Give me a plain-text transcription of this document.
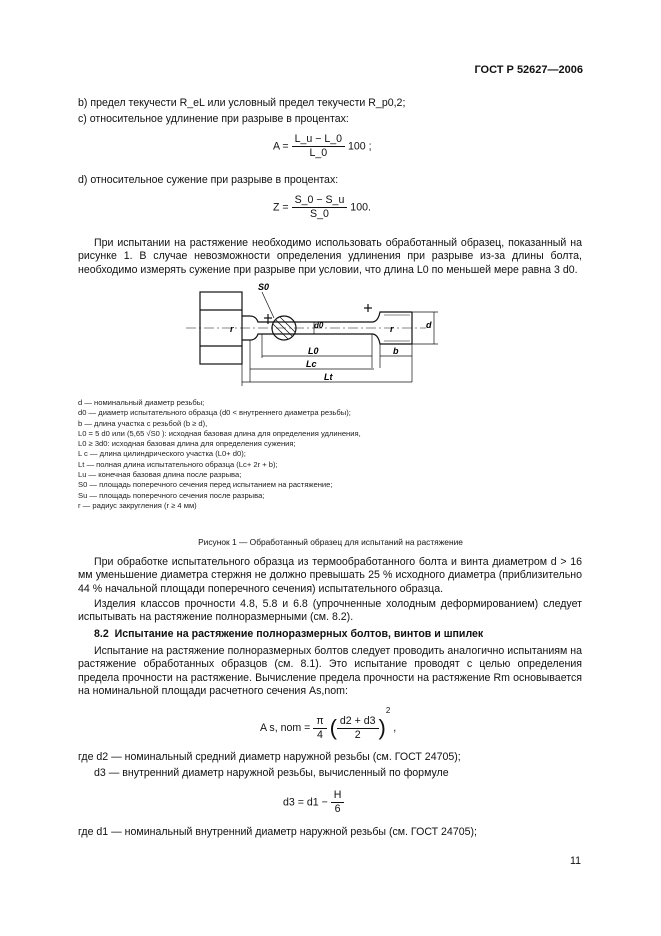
ГОСТ Р 52627—2006
b) предел текучести R_eL или условный предел текучести R_p0,2;
c) относительное удлинение при разрыве в процентах:
$A = \frac{L\_u - L\_0}{L\_0} 100$ ;
d) относительное сужение при разрыве в процентах:
$Z = \frac{S\_0 - S\_u}{S\_0} 100$.
При испытании на растяжение необходимо использовать обработанный образец, показанный на рисунке 1. В случае невозможности определения удлинения при разрыве из-за длины болта, необходимо измерять сужение при разрыве при условии, что длина L0 по меньшей мере равна 3 d0.
S0
r	d0	r	d
L0
Lc
Lt
b
d — номинальный диаметр резьбы;
d0 — диаметр испытательного образца (d0 < внутреннего диаметра резьбы);
b — длина участка с резьбой (b ≥ d),
L0 = 5 d0 или (5,65 √S0 ): исходная базовая длина для определения удлинения,
L0 ≥ 3d0: исходная базовая длина для определения сужения;
L c — длина цилиндрического участка (L0+ d0);
Lt — полная длина испытательного образца (Lc+ 2r + b);
Lu — конечная базовая длина после разрыва;
S0 — площадь поперечного сечения перед испытанием на растяжение;
Su — площадь поперечного сечения после разрыва;
r — радиус закругления (r ≥ 4 мм)
Рисунок 1 — Обработанный образец для испытаний на растяжение
При обработке испытательного образца из термообработанного болта и винта диаметром d > 16 мм уменьшение диаметра стержня не должно превышать 25 % исходного диаметра (приблизительно 44 % начальной площади поперечного сечения) испытательного образца.
Изделия классов прочности 4.8, 5.8 и 6.8 (упрочненные холодным деформированием) следует испытывать на растяжение полноразмерными (см. 8.2).
8.2 Испытание на растяжение полноразмерных болтов, винтов и шпилек
Испытание на растяжение полноразмерных болтов следует проводить аналогично испытаниям на растяжение обработанных образцов (см. 8.1). Это испытание проводят с целью определения предела прочности на растяжение. Вычисление предела прочности на растяжение Rm основывается на номинальной площади расчетного сечения As,nom:
A s, nom = $\frac{\pi}{4}$ ( $\frac{d2 + d3}{2} )^2$ ,
где d2 — номинальный средний диаметр наружной резьбы (см. ГОСТ 24705);
d3 — внутренний диаметр наружной резьбы, вычисленный по формуле
$d3 = d1 - \frac{H}{6}$
где d1 — номинальный внутренний диаметр наружной резьбы (см. ГОСТ 24705);
11
